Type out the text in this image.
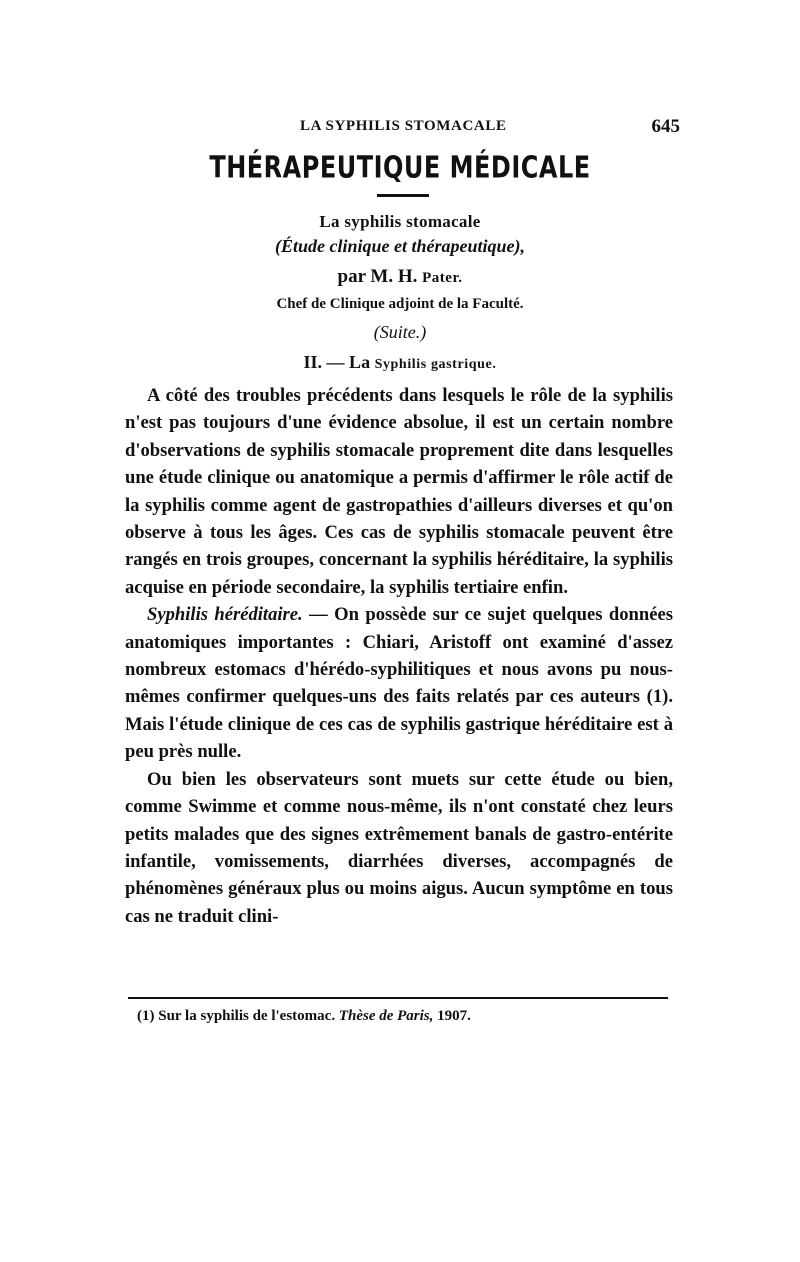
LA SYPHILIS STOMACALE	645
THÉRAPEUTIQUE MÉDICALE
La syphilis stomacale
(Étude clinique et thérapeutique),
par M. H. Pater.
Chef de Clinique adjoint de la Faculté.
(Suite.)
II. — La Syphilis gastrique.

A côté des troubles précédents dans lesquels le rôle de la syphilis n'est pas toujours d'une évidence absolue, il est un certain nombre d'observations de syphilis stomacale proprement dite dans lesquelles une étude clinique ou anatomique a permis d'affirmer le rôle actif de la syphilis comme agent de gastropathies d'ailleurs diverses et qu'on observe à tous les âges. Ces cas de syphilis stomacale peuvent être rangés en trois groupes, concernant la syphilis héréditaire, la syphilis acquise en période secondaire, la syphilis tertiaire enfin.

Syphilis héréditaire. — On possède sur ce sujet quelques données anatomiques importantes : Chiari, Aristoff ont examiné d'assez nombreux estomacs d'hérédo-syphilitiques et nous avons pu nous-mêmes confirmer quelques-uns des faits relatés par ces auteurs (1). Mais l'étude clinique de ces cas de syphilis gastrique héréditaire est à peu près nulle.

Ou bien les observateurs sont muets sur cette étude ou bien, comme Swimme et comme nous-même, ils n'ont constaté chez leurs petits malades que des signes extrêmement banals de gastro-entérite infantile, vomissements, diarrhées diverses, accompagnés de phénomènes généraux plus ou moins aigus. Aucun symptôme en tous cas ne traduit clini-

(1) Sur la syphilis de l'estomac. Thèse de Paris, 1907.
